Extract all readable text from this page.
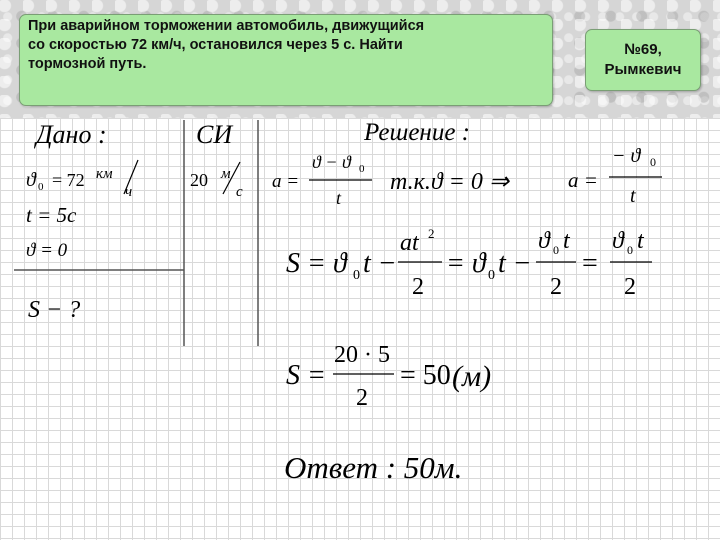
При аварийном торможении автомобиль, движущийся
со скоростью 72 км/ч, остановился через 5 с. Найти
тормозной путь.
№69,
Рымкевич
Дано :
ϑ 0 = 72 км
ч
t = 5c
ϑ = 0
S − ?
СИ
20 м
с
Решение :
a =
ϑ − ϑ 0
t
т.к.ϑ = 0 ⇒	a =
− ϑ 0
t
S = ϑ 0 t −
at 2
2
= ϑ 0 t −
ϑ 0 t
2
=
ϑ 0 t
2
S =
20 · 5
2
= 50 (м)
Ответ : 50м.
